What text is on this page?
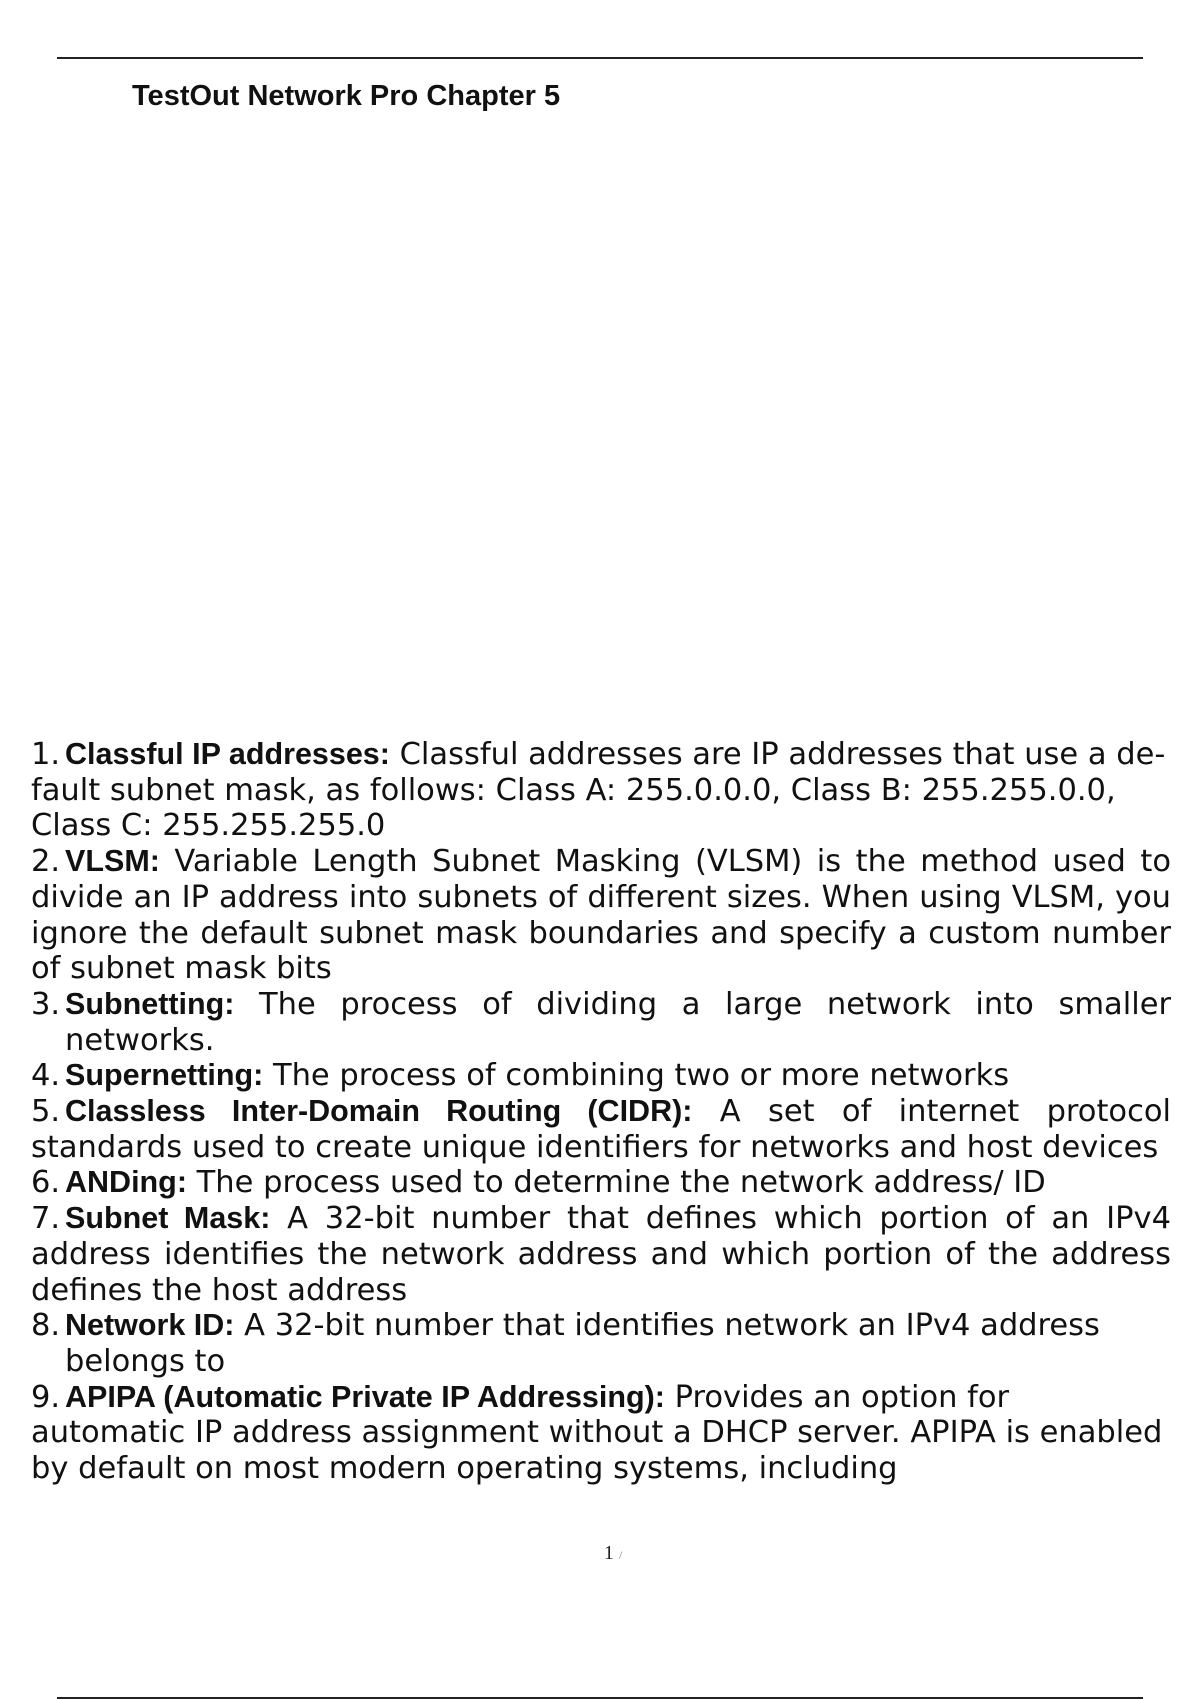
TestOut Network Pro Chapter 5
1. Classful IP addresses: Classful addresses are IP addresses that use a de- fault subnet mask, as follows: Class A: 255.0.0.0, Class B: 255.255.0.0, Class C: 255.255.255.0
2. VLSM: Variable Length Subnet Masking (VLSM) is the method used to divide an IP address into subnets of different sizes. When using VLSM, you ignore the default subnet mask boundaries and specify a custom number of subnet mask bits
3. Subnetting: The process of dividing a large network into smaller networks.
4. Supernetting: The process of combining two or more networks
5. Classless Inter-Domain Routing (CIDR): A set of internet protocol standards used to create unique identifiers for networks and host devices
6. ANDing: The process used to determine the network address/ ID
7. Subnet Mask: A 32-bit number that defines which portion of an IPv4 address identifies the network address and which portion of the address defines the host address
8. Network ID: A 32-bit number that identifies network an IPv4 address belongs to
9. APIPA (Automatic Private IP Addressing): Provides an option for automatic IP address assignment without a DHCP server. APIPA is enabled by default on most modern operating systems, including
1 /
